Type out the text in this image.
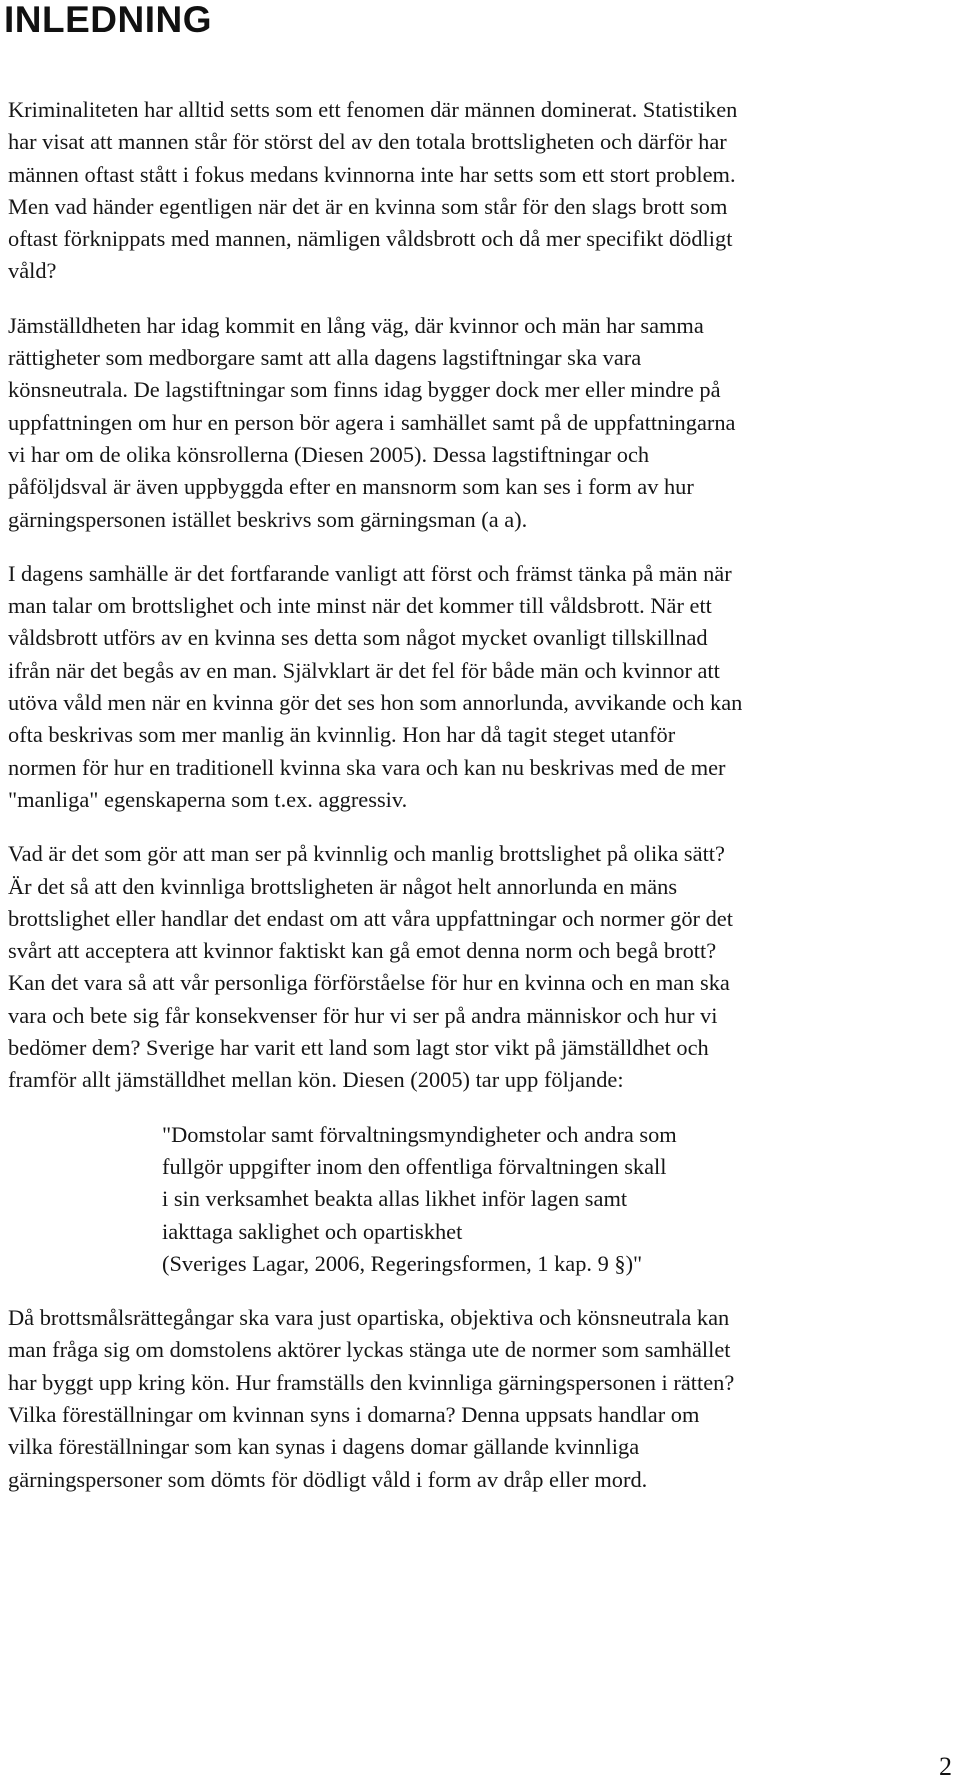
INLEDNING

Kriminaliteten har alltid setts som ett fenomen där männen dominerat. Statistiken
har visat att mannen står för störst del av den totala brottsligheten och därför har
männen oftast stått i fokus medans kvinnorna inte har setts som ett stort problem.
Men vad händer egentligen när det är en kvinna som står för den slags brott som
oftast förknippats med mannen, nämligen våldsbrott och då mer specifikt dödligt
våld?

Jämställdheten har idag kommit en lång väg, där kvinnor och män har samma
rättigheter som medborgare samt att alla dagens lagstiftningar ska vara
könsneutrala. De lagstiftningar som finns idag bygger dock mer eller mindre på
uppfattningen om hur en person bör agera i samhället samt på de uppfattningarna
vi har om de olika könsrollerna (Diesen 2005). Dessa lagstiftningar och
påföljdsval är även uppbyggda efter en mansnorm som kan ses i form av hur
gärningspersonen istället beskrivs som gärningsman (a a).

I dagens samhälle är det fortfarande vanligt att först och främst tänka på män när
man talar om brottslighet och inte minst när det kommer till våldsbrott. När ett
våldsbrott utförs av en kvinna ses detta som något mycket ovanligt tillskillnad
ifrån när det begås av en man. Självklart är det fel för både män och kvinnor att
utöva våld men när en kvinna gör det ses hon som annorlunda, avvikande och kan
ofta beskrivas som mer manlig än kvinnlig. Hon har då tagit steget utanför
normen för hur en traditionell kvinna ska vara och kan nu beskrivas med de mer
"manliga" egenskaperna som t.ex. aggressiv.

Vad är det som gör att man ser på kvinnlig och manlig brottslighet på olika sätt?
Är det så att den kvinnliga brottsligheten är något helt annorlunda en mäns
brottslighet eller handlar det endast om att våra uppfattningar och normer gör det
svårt att acceptera att kvinnor faktiskt kan gå emot denna norm och begå brott?
Kan det vara så att vår personliga förförståelse för hur en kvinna och en man ska
vara och bete sig får konsekvenser för hur vi ser på andra människor och hur vi
bedömer dem? Sverige har varit ett land som lagt stor vikt på jämställdhet och
framför allt jämställdhet mellan kön. Diesen (2005) tar upp följande:

"Domstolar samt förvaltningsmyndigheter och andra som
fullgör uppgifter inom den offentliga förvaltningen skall
i sin verksamhet beakta allas likhet inför lagen samt
iakttaga saklighet och opartiskhet
(Sveriges Lagar, 2006, Regeringsformen, 1 kap. 9 §)"

Då brottsmålsrättegångar ska vara just opartiska, objektiva och könsneutrala kan
man fråga sig om domstolens aktörer lyckas stänga ute de normer som samhället
har byggt upp kring kön. Hur framställs den kvinnliga gärningspersonen i rätten?
Vilka föreställningar om kvinnan syns i domarna? Denna uppsats handlar om
vilka föreställningar som kan synas i dagens domar gällande kvinnliga
gärningspersoner som dömts för dödligt våld i form av dråp eller mord.

2
